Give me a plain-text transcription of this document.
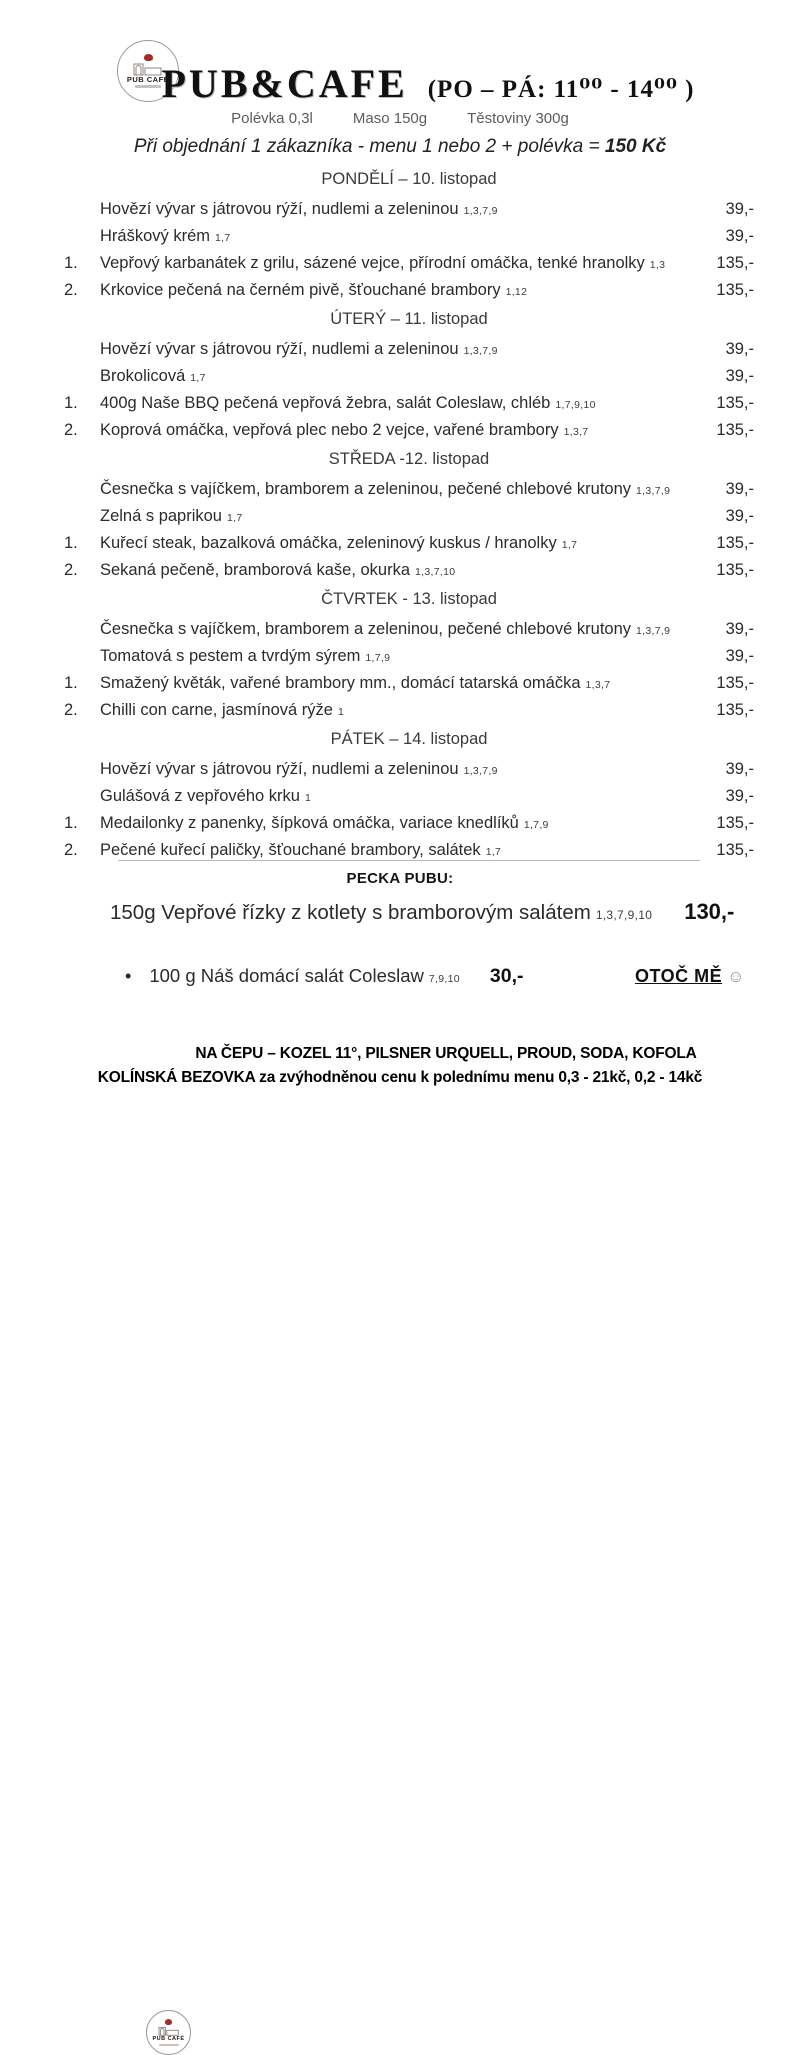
PUB CAFÉ
PUB&CAFE (PO – PÁ: 11⁰⁰ - 14⁰⁰ )
Polévka 0,3l	Maso 150g	Těstoviny 300g
Při objednání 1 zákazníka - menu 1 nebo 2 + polévka = 150 Kč
PONDĚLÍ – 10. listopad
Hovězí vývar s játrovou rýží, nudlemi a zeleninou 1,3,7,9	39,-
Hráškový krém 1,7	39,-
1.	Vepřový karbanátek z grilu, sázené vejce, přírodní omáčka, tenké hranolky 1,3	135,-
2.	Krkovice pečená na černém pivě, šťouchané brambory 1,12	135,-
ÚTERÝ – 11. listopad
Hovězí vývar s játrovou rýží, nudlemi a zeleninou 1,3,7,9	39,-
Brokolicová 1,7	39,-
1.	400g Naše BBQ pečená vepřová žebra, salát Coleslaw, chléb 1,7,9,10	135,-
2.	Koprová omáčka, vepřová plec nebo 2 vejce, vařené brambory 1,3,7	135,-
STŘEDA -12. listopad
Česnečka s vajíčkem, bramborem a zeleninou, pečené chlebové krutony 1,3,7,9	39,-
Zelná s paprikou 1,7	39,-
1.	Kuřecí steak, bazalková omáčka, zeleninový kuskus / hranolky 1,7	135,-
2.	Sekaná pečeně, bramborová kaše, okurka 1,3,7,10	135,-
ČTVRTEK - 13. listopad
Česnečka s vajíčkem, bramborem a zeleninou, pečené chlebové krutony 1,3,7,9	39,-
Tomatová s pestem a tvrdým sýrem 1,7,9	39,-
1.	Smažený květák, vařené brambory mm., domácí tatarská omáčka 1,3,7	135,-
2.	Chilli con carne, jasmínová rýže 1	135,-
PÁTEK – 14. listopad
Hovězí vývar s játrovou rýží, nudlemi a zeleninou 1,3,7,9	39,-
Gulášová z vepřového krku 1	39,-
1.	Medailonky z panenky, šípková omáčka, variace knedlíků 1,7,9	135,-
2.	Pečené kuřecí paličky, šťouchané brambory, salátek 1,7	135,-
PECKA PUBU:
150g Vepřové řízky z kotlety s bramborovým salátem 1,3,7,9,10 130,-
• 100 g Náš domácí salát Coleslaw 7,9,10 30,-	OTOČ MĚ ☺
PUB CAFÉ
NA ČEPU – KOZEL 11°, PILSNER URQUELL, PROUD, SODA, KOFOLA
KOLÍNSKÁ BEZOVKA za zvýhodněnou cenu k polednímu menu 0,3 - 21kč, 0,2 - 14kč
